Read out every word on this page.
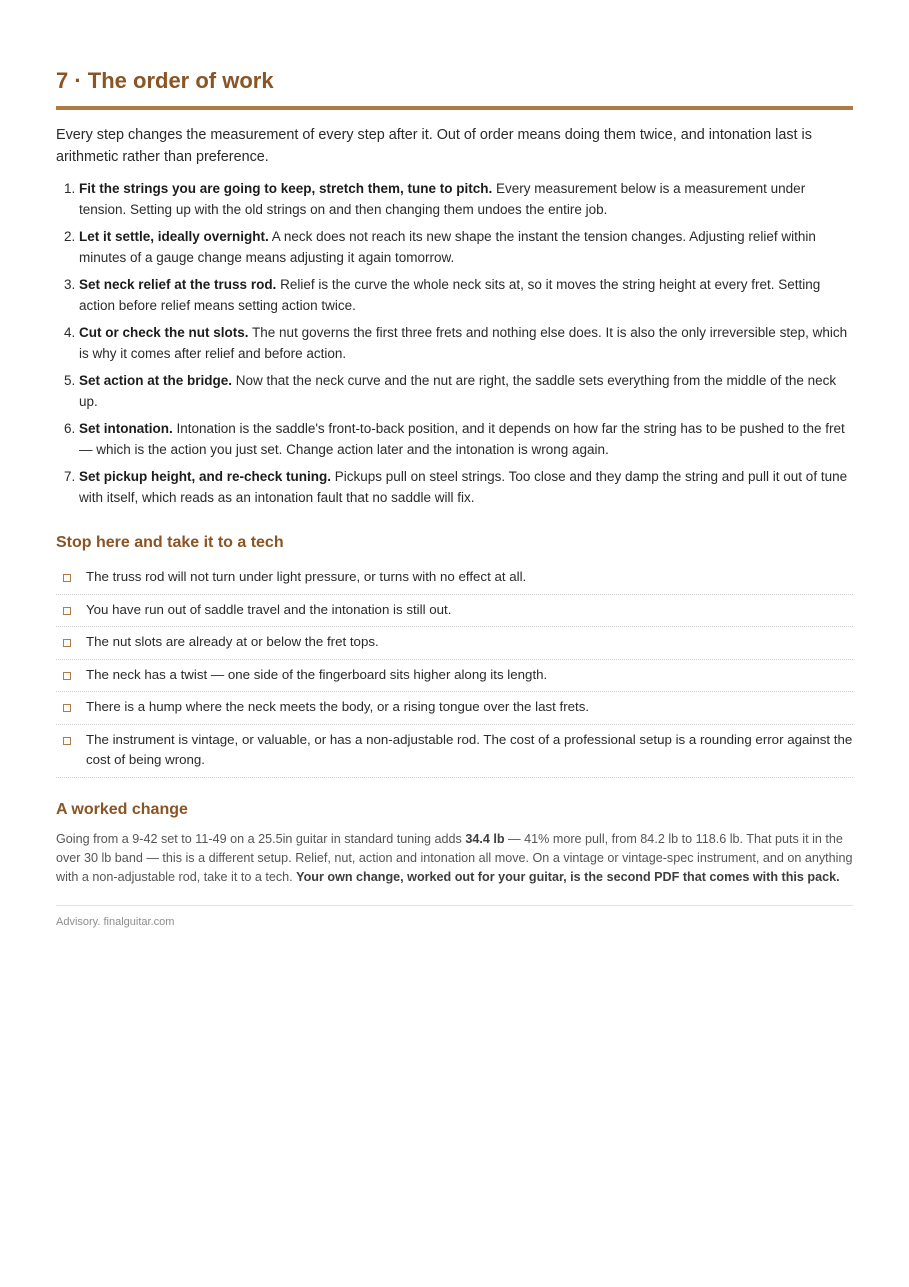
7 · The order of work

Every step changes the measurement of every step after it. Out of order means doing them twice, and intonation last is arithmetic rather than preference.

1. Fit the strings you are going to keep, stretch them, tune to pitch. Every measurement below is a measurement under tension. Setting up with the old strings on and then changing them undoes the entire job.
2. Let it settle, ideally overnight. A neck does not reach its new shape the instant the tension changes. Adjusting relief within minutes of a gauge change means adjusting it again tomorrow.
3. Set neck relief at the truss rod. Relief is the curve the whole neck sits at, so it moves the string height at every fret. Setting action before relief means setting action twice.
4. Cut or check the nut slots. The nut governs the first three frets and nothing else does. It is also the only irreversible step, which is why it comes after relief and before action.
5. Set action at the bridge. Now that the neck curve and the nut are right, the saddle sets everything from the middle of the neck up.
6. Set intonation. Intonation is the saddle's front-to-back position, and it depends on how far the string has to be pushed to the fret — which is the action you just set. Change action later and the intonation is wrong again.
7. Set pickup height, and re-check tuning. Pickups pull on steel strings. Too close and they damp the string and pull it out of tune with itself, which reads as an intonation fault that no saddle will fix.
Stop here and take it to a tech
The truss rod will not turn under light pressure, or turns with no effect at all.
You have run out of saddle travel and the intonation is still out.
The nut slots are already at or below the fret tops.
The neck has a twist — one side of the fingerboard sits higher along its length.
There is a hump where the neck meets the body, or a rising tongue over the last frets.
The instrument is vintage, or valuable, or has a non-adjustable rod. The cost of a professional setup is a rounding error against the cost of being wrong.
A worked change

Going from a 9-42 set to 11-49 on a 25.5in guitar in standard tuning adds 34.4 lb — 41% more pull, from 84.2 lb to 118.6 lb. That puts it in the over 30 lb band — this is a different setup. Relief, nut, action and intonation all move. On a vintage or vintage-spec instrument, and on anything with a non-adjustable rod, take it to a tech. Your own change, worked out for your guitar, is the second PDF that comes with this pack.

Advisory. finalguitar.com
